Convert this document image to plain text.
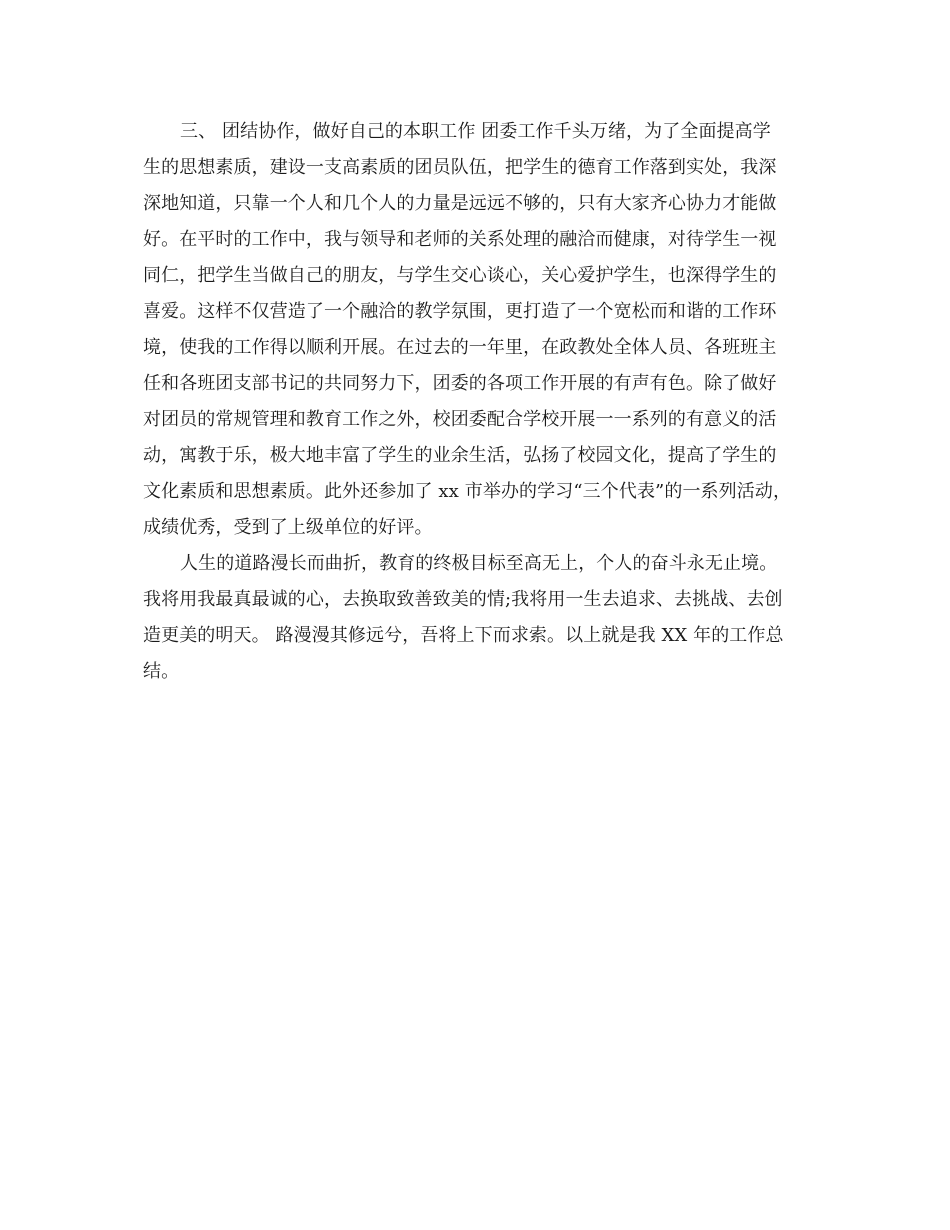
三、 团结协作，做好自己的本职工作 团委工作千头万绪，为了全面提高学
生的思想素质，建设一支高素质的团员队伍，把学生的德育工作落到实处，我深
深地知道，只靠一个人和几个人的力量是远远不够的，只有大家齐心协力才能做
好。在平时的工作中，我与领导和老师的关系处理的融洽而健康，对待学生一视
同仁，把学生当做自己的朋友，与学生交心谈心，关心爱护学生，也深得学生的
喜爱。这样不仅营造了一个融洽的教学氛围，更打造了一个宽松而和谐的工作环
境，使我的工作得以顺利开展。在过去的一年里，在政教处全体人员、各班班主
任和各班团支部书记的共同努力下，团委的各项工作开展的有声有色。除了做好
对团员的常规管理和教育工作之外，校团委配合学校开展一一系列的有意义的活
动，寓教于乐，极大地丰富了学生的业余生活，弘扬了校园文化，提高了学生的
文化素质和思想素质。此外还参加了 xx 市举办的学习“三个代表”的一系列活动，
成绩优秀，受到了上级单位的好评。
人生的道路漫长而曲折，教育的终极目标至高无上，个人的奋斗永无止境。
我将用我最真最诚的心，去换取致善致美的情;我将用一生去追求、去挑战、去创
造更美的明天。 路漫漫其修远兮，吾将上下而求索。以上就是我 XX 年的工作总
结。
